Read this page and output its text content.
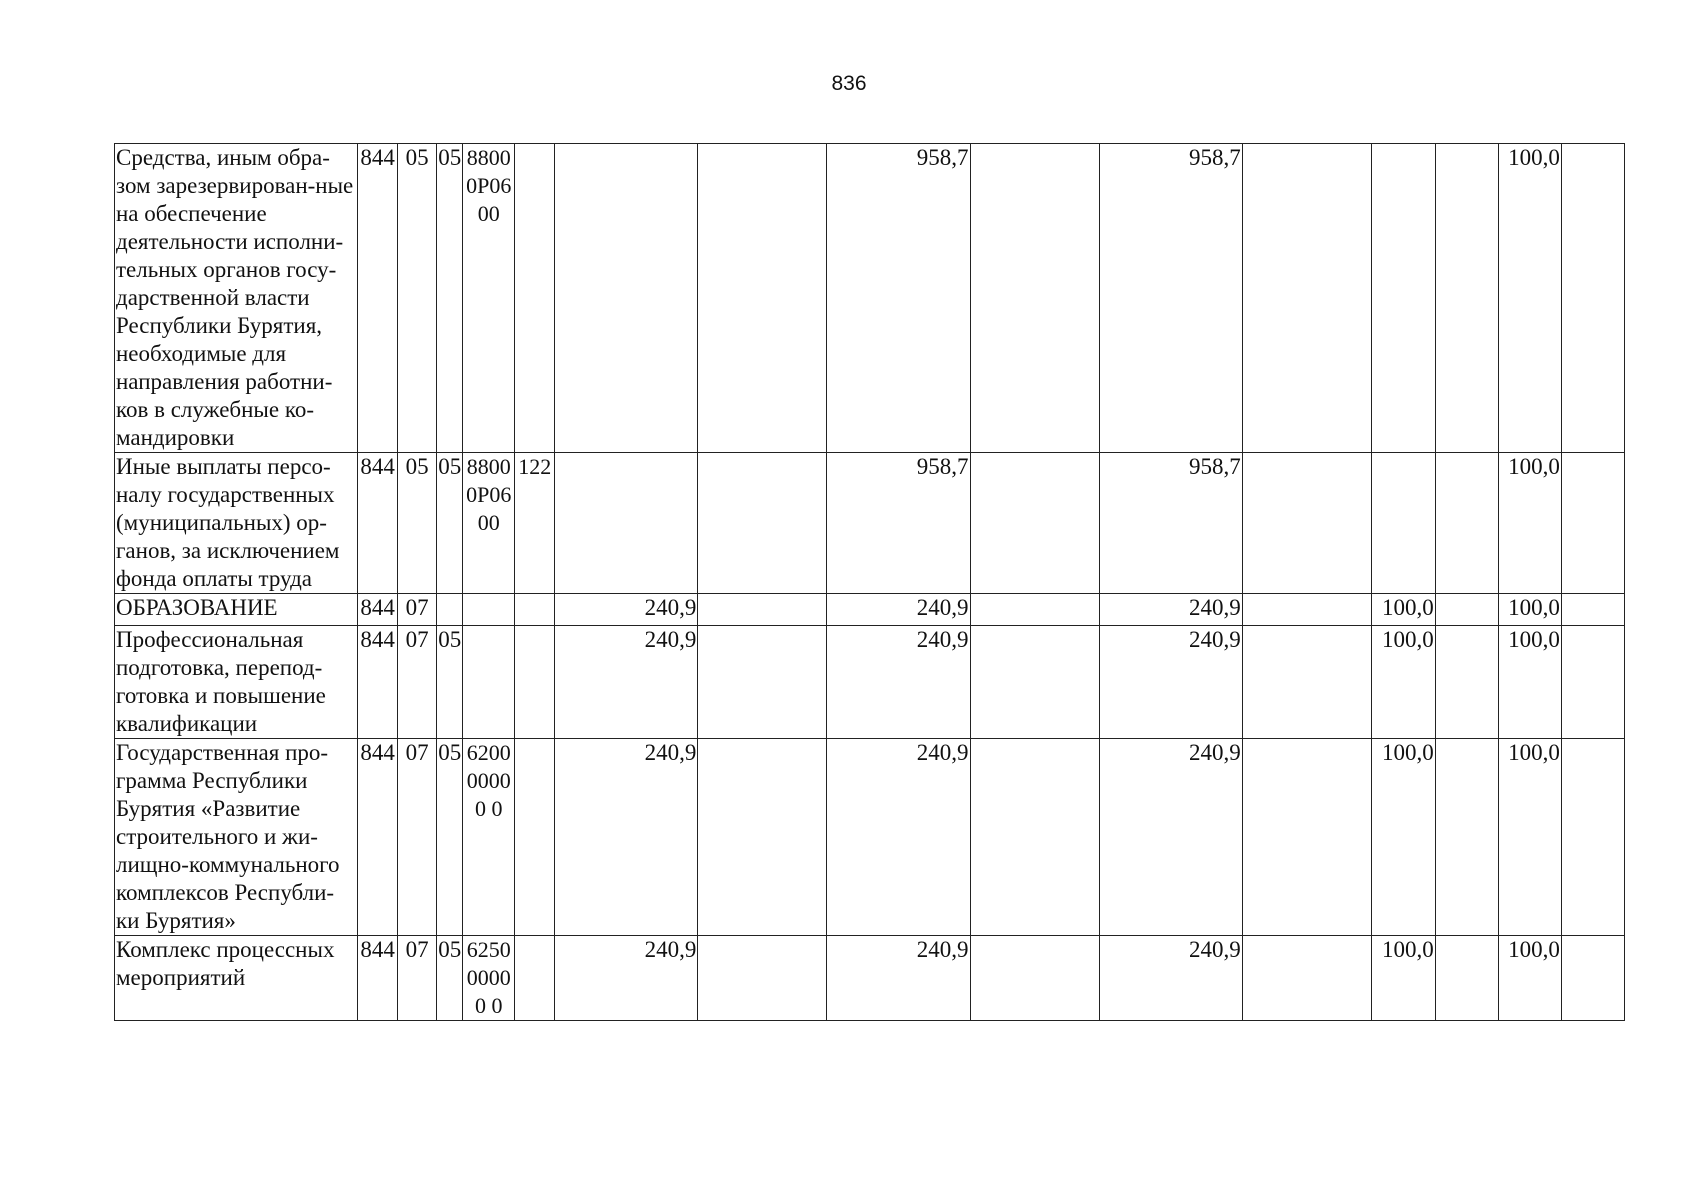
836
Средства, иным обра-зом зарезервирован-ные на обеспечение деятельности исполни-тельных органов госу-дарственной власти Республики Бурятия, необходимые для направления работни-ков в служебные ко-мандировки	844	05	05	88000Р0600				958,7		958,7				100,0	
Иные выплаты персо-налу государственных (муниципальных) ор-ганов, за исключением фонда оплаты труда	844	05	05	88000Р0600	122			958,7		958,7				100,0	
ОБРАЗОВАНИЕ	844	07				240,9		240,9		240,9		100,0		100,0	
Профессиональная подготовка, перепод-готовка и повышение квалификации	844	07	05			240,9		240,9		240,9		100,0		100,0	
Государственная про-грамма Республики Бурятия «Развитие строительного и жи-лищно-коммунального комплексов Республи-ки Бурятия»	844	07	05	620000000 0		240,9		240,9		240,9		100,0		100,0	
Комплекс процессных мероприятий	844	07	05	625000000 0		240,9		240,9		240,9		100,0		100,0	
